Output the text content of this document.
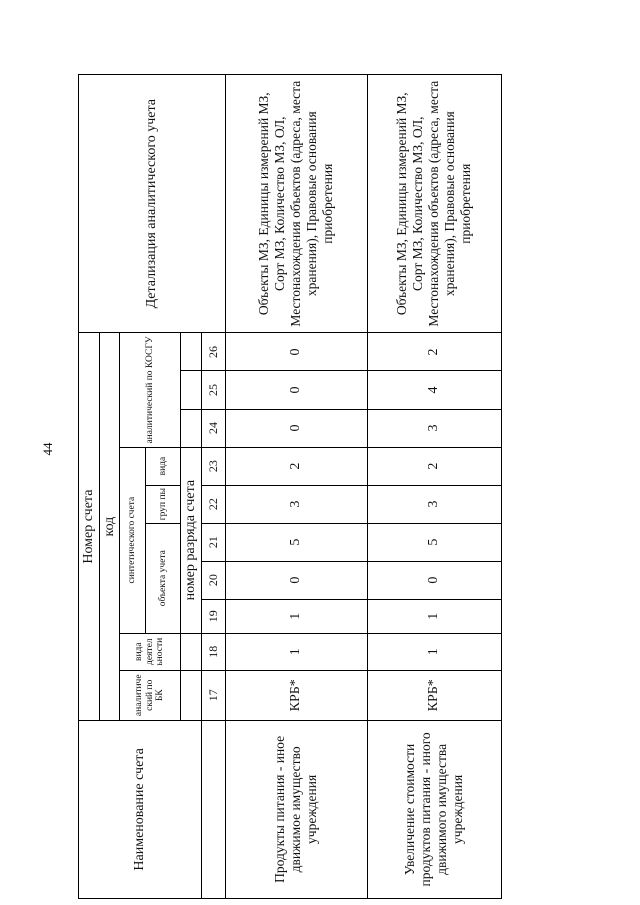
44
Наименование счета	Номер счета										Детализация аналитического учета
	код										
	аналитиче ский по БК	вида деятел ьности	синтетического счета					аналитический по КОСГУ			
			объекта учета			груп пы	вида				
			номер разряда счета								
	17	18	19	20	21	22	23	24	25	26	
Продукты питания - иное движимое имущество учреждения	КРБ*	1	1	0	5	3	2	0	0	0	Объекты МЗ, Единицы измерений МЗ, Сорт МЗ, Количество МЗ, ОЛ, Местонахождения объектов (адреса, места хранения), Правовые основания приобретения
Увеличение стоимости продуктов питания - иного движимого имущества учреждения	КРБ*	1	1	0	5	3	2	3	4	2	Объекты МЗ, Единицы измерений МЗ, Сорт МЗ, Количество МЗ, ОЛ, Местонахождения объектов (адреса, места хранения), Правовые основания приобретения
